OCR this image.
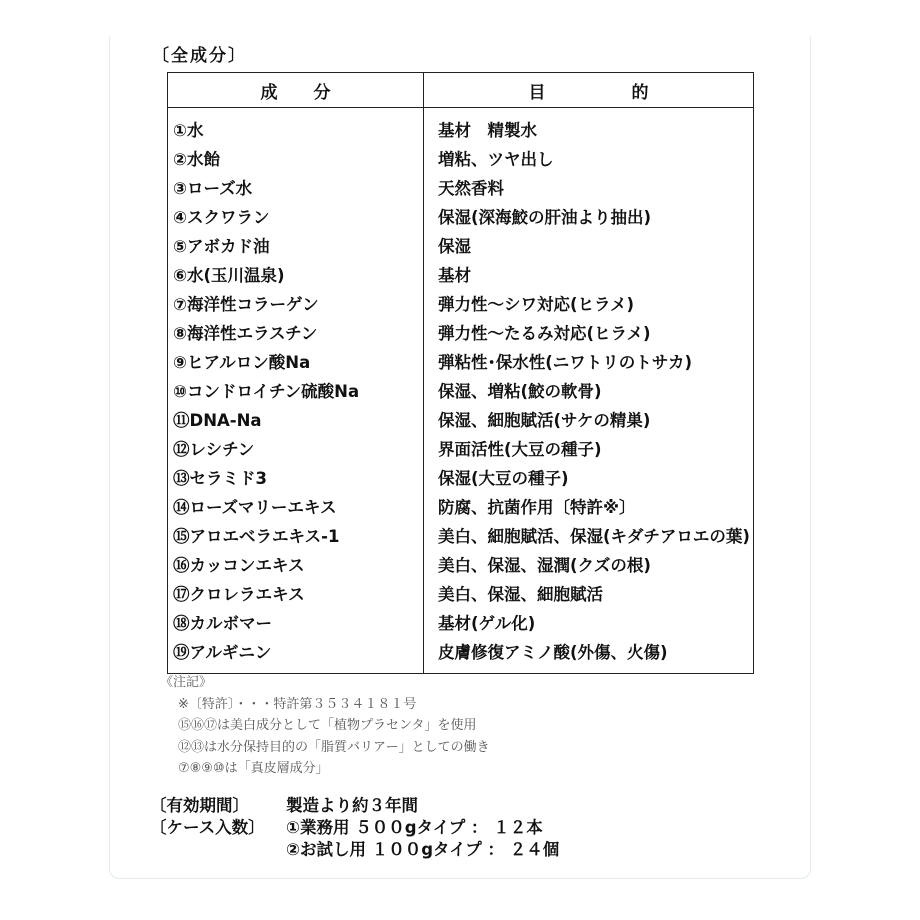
〔全成分〕
成分	目的
①水	基材　精製水
②水飴	増粘、ツヤ出し
③ローズ水	天然香料
④スクワラン	保湿(深海鮫の肝油より抽出)
⑤アボカド油	保湿
⑥水(玉川温泉)	基材
⑦海洋性コラーゲン	弾力性～シワ対応(ヒラメ)
⑧海洋性エラスチン	弾力性～たるみ対応(ヒラメ)
⑨ヒアルロン酸Na	弾粘性･保水性(ニワトリのトサカ)
⑩コンドロイチン硫酸Na	保湿、増粘(鮫の軟骨)
⑪DNA-Na	保湿、細胞賦活(サケの精巣)
⑫レシチン	界面活性(大豆の種子)
⑬セラミド3	保湿(大豆の種子)
⑭ローズマリーエキス	防腐、抗菌作用〔特許※〕
⑮アロエベラエキス-1	美白、細胞賦活、保湿(キダチアロエの葉)
⑯カッコンエキス	美白、保湿、湿潤(クズの根)
⑰クロレラエキス	美白、保湿、細胞賦活
⑱カルボマー	基材(ゲル化)
⑲アルギニン	皮膚修復アミノ酸(外傷、火傷)
《注記》
※〔特許〕・・・特許第３５３４１８１号
⑮⑯⑰は美白成分として「植物プラセンタ」を使用
⑫⑬は水分保持目的の「脂質バリアー」としての働き
⑦⑧⑨⑩は「真皮層成分」
〔有効期間〕 製造より約３年間
〔ケース入数〕 ①業務用 ５００gタイプ ： １２本
②お試し用 １００gタイプ ： ２４個
